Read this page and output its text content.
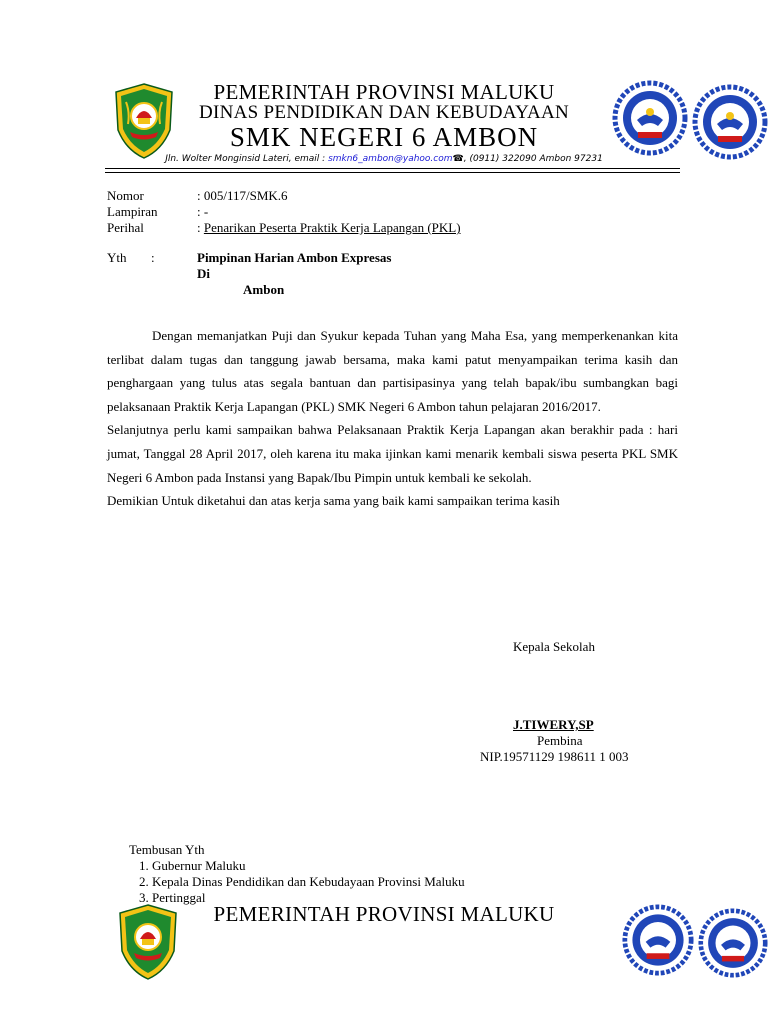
PEMERINTAH PROVINSI MALUKU
DINAS PENDIDIKAN DAN KEBUDAYAAN
SMK NEGERI 6 AMBON
Jln. Wolter Monginsid Lateri, email : smkn6_ambon@yahoo.com☎, (0911) 322090 Ambon 97231
Nomor	: 005/117/SMK.6
Lampiran	: -
Perihal	: Penarikan Peserta Praktik Kerja Lapangan (PKL)
Yth :	Pimpinan Harian Ambon Expresas
Di
Ambon

Dengan memanjatkan Puji dan Syukur kepada Tuhan yang Maha Esa, yang memperkenankan kita terlibat dalam tugas dan tanggung jawab bersama, maka kami patut menyampaikan terima kasih dan penghargaan yang tulus atas segala bantuan dan partisipasinya yang telah bapak/ibu sumbangkan bagi pelaksanaan Praktik Kerja Lapangan (PKL) SMK Negeri 6 Ambon tahun pelajaran 2016/2017.

Selanjutnya perlu kami sampaikan bahwa Pelaksanaan Praktik Kerja Lapangan akan berakhir pada : hari jumat, Tanggal 28 April 2017, oleh karena itu maka ijinkan kami menarik kembali siswa peserta PKL SMK Negeri 6 Ambon pada Instansi yang Bapak/Ibu Pimpin untuk kembali ke sekolah.

Demikian Untuk diketahui dan atas kerja sama yang baik kami sampaikan terima kasih

Kepala Sekolah
J.TIWERY,SP
Pembina
NIP.19571129 198611 1 003
Tembusan Yth
1. Gubernur Maluku
2. Kepala Dinas Pendidikan dan Kebudayaan Provinsi Maluku
3. Pertinggal
PEMERINTAH PROVINSI MALUKU
